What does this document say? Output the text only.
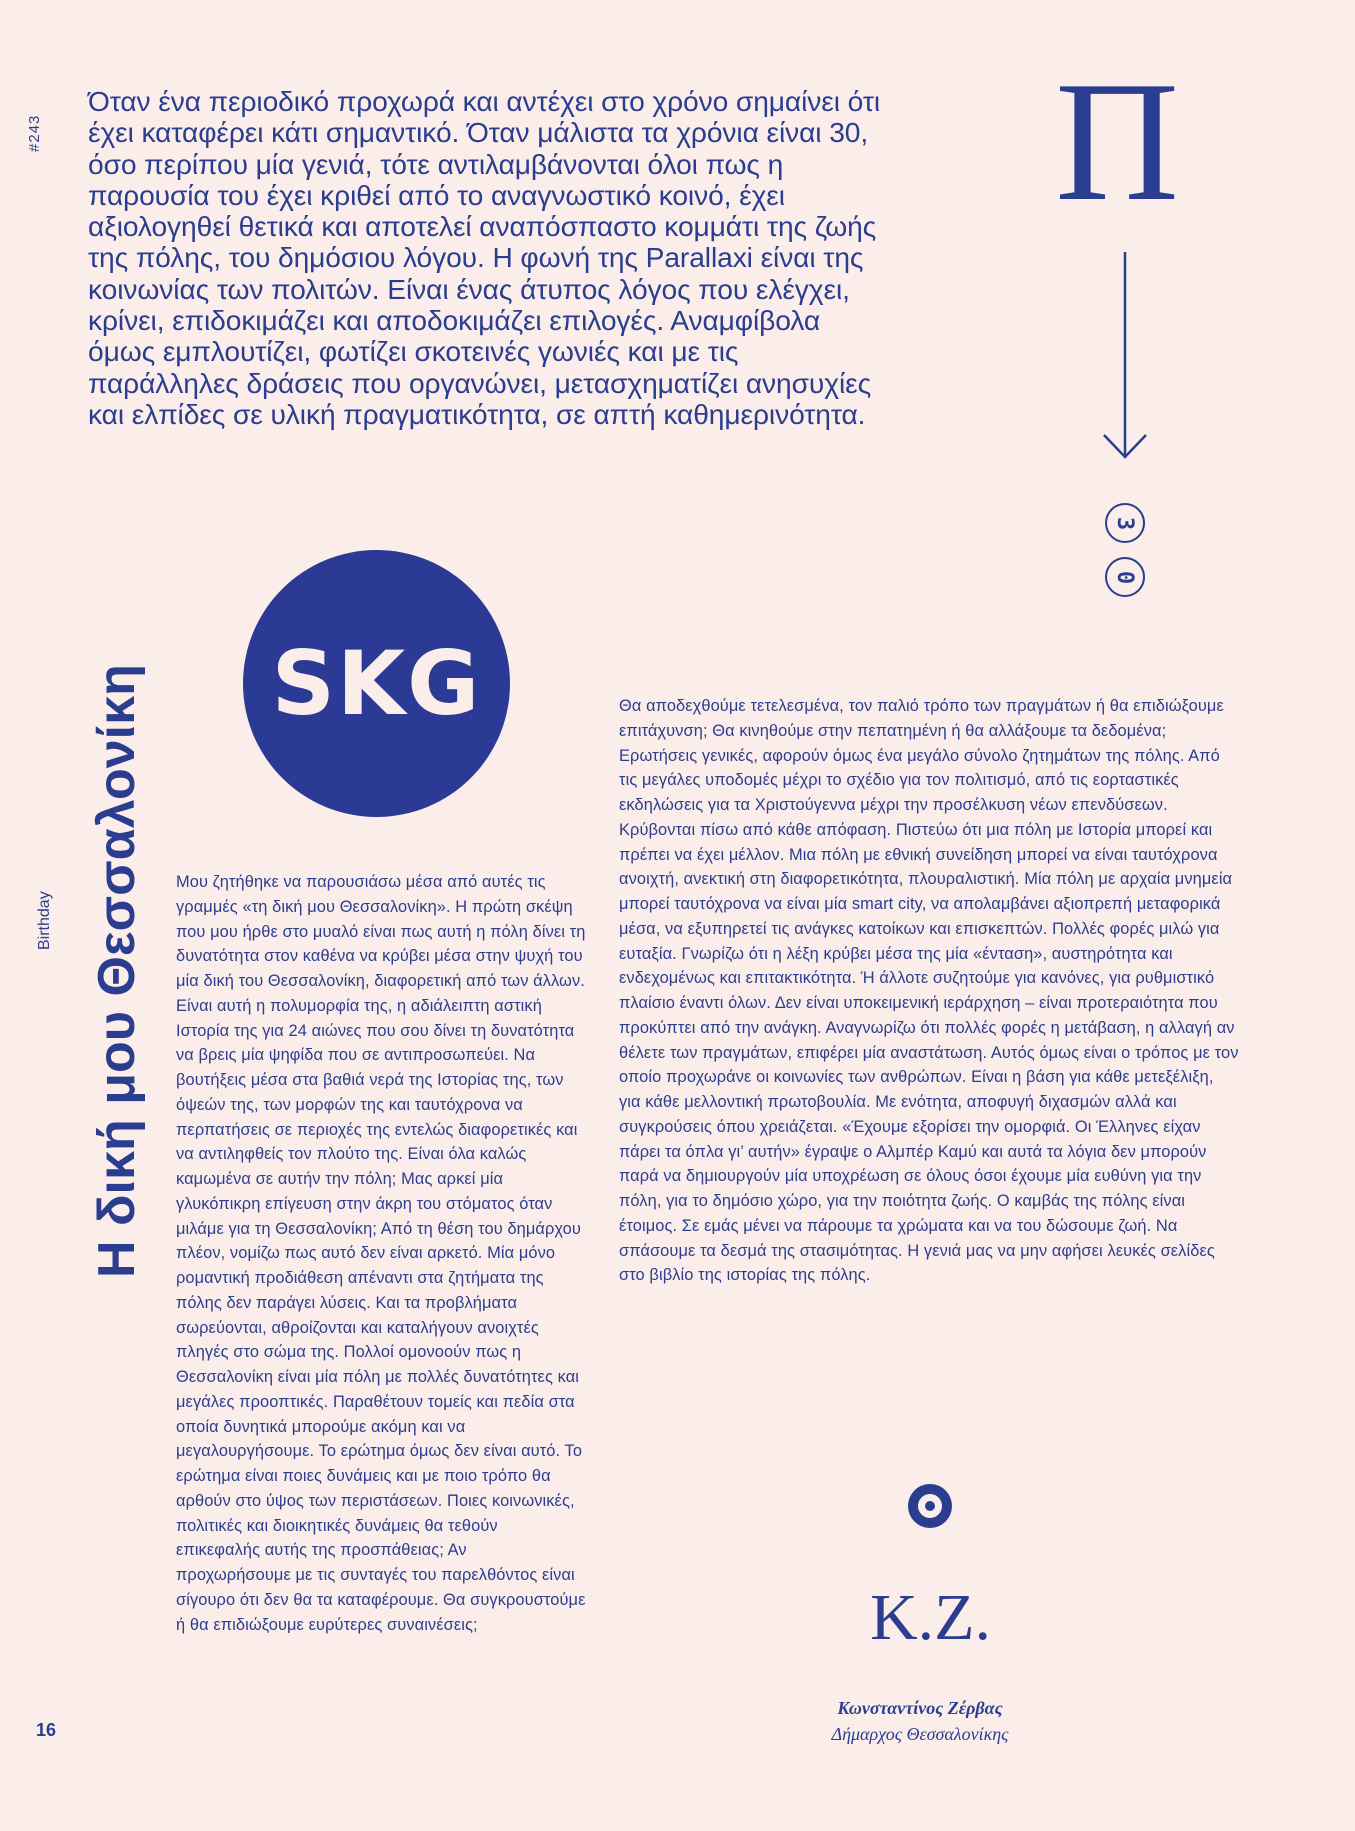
#243

Όταν ένα περιοδικό προχωρά και αντέχει στο χρόνο σημαίνει ότι έχει καταφέρει κάτι σημαντικό. Όταν μάλιστα τα χρόνια είναι 30, όσο περίπου μία γενιά, τότε αντιλαμβάνονται όλοι πως η παρουσία του έχει κριθεί από το αναγνωστικό κοινό, έχει αξιολογηθεί θετικά και αποτελεί αναπόσπαστο κομμάτι της ζωής της πόλης, του δημόσιου λόγου. Η φωνή της Parallaxi είναι της κοινωνίας των πολιτών. Είναι ένας άτυπος λόγος που ελέγχει, κρίνει, επιδοκιμάζει και αποδοκιμάζει επιλογές. Αναμφίβολα όμως εμπλουτίζει, φωτίζει σκοτεινές γωνιές και με τις παράλληλες δράσεις που οργανώνει, μετασχηματίζει ανησυχίες και ελπίδες σε υλική πραγματικότητα, σε απτή καθημερινότητα.

Π
3
0
Birthday Η δική μου Θεσσαλονίκη SKG

Μου ζητήθηκε να παρουσιάσω μέσα από αυτές τις γραμμές «τη δική μου Θεσσαλονίκη». Η πρώτη σκέψη που μου ήρθε στο μυαλό είναι πως αυτή η πόλη δίνει τη δυνατότητα στον καθένα να κρύβει μέσα στην ψυχή του μία δική του Θεσσαλονίκη, διαφορετική από των άλλων. Είναι αυτή η πολυμορφία της, η αδιάλειπτη αστική Ιστορία της για 24 αιώνες που σου δίνει τη δυνατότητα να βρεις μία ψηφίδα που σε αντιπροσωπεύει. Να βουτήξεις μέσα στα βαθιά νερά της Ιστορίας της, των όψεών της, των μορφών της και ταυτόχρονα να περπατήσεις σε περιοχές της εντελώς διαφορετικές και να αντιληφθείς τον πλούτο της. Είναι όλα καλώς καμωμένα σε αυτήν την πόλη; Μας αρκεί μία γλυκόπικρη επίγευση στην άκρη του στόματος όταν μιλάμε για τη Θεσσαλονίκη; Από τη θέση του δημάρχου πλέον, νομίζω πως αυτό δεν είναι αρκετό. Μία μόνο ρομαντική προδιάθεση απέναντι στα ζητήματα της πόλης δεν παράγει λύσεις. Και τα προβλήματα σωρεύονται, αθροίζονται και καταλήγουν ανοιχτές πληγές στο σώμα της. Πολλοί ομονοούν πως η Θεσσαλονίκη είναι μία πόλη με πολλές δυνατότητες και μεγάλες προοπτικές. Παραθέτουν τομείς και πεδία στα οποία δυνητικά μπορούμε ακόμη και να μεγαλουργήσουμε. Το ερώτημα όμως δεν είναι αυτό. Το ερώτημα είναι ποιες δυνάμεις και με ποιο τρόπο θα αρθούν στο ύψος των περιστάσεων. Ποιες κοινωνικές, πολιτικές και διοικητικές δυνάμεις θα τεθούν επικεφαλής αυτής της προσπάθειας; Αν προχωρήσουμε με τις συνταγές του παρελθόντος είναι σίγουρο ότι δεν θα τα καταφέρουμε. Θα συγκρουστούμε ή θα επιδιώξουμε ευρύτερες συναινέσεις;

Θα αποδεχθούμε τετελεσμένα, τον παλιό τρόπο των πραγμάτων ή θα επιδιώξουμε επιτάχυνση; Θα κινηθούμε στην πεπατημένη ή θα αλλάξουμε τα δεδομένα; Ερωτήσεις γενικές, αφορούν όμως ένα μεγάλο σύνολο ζητημάτων της πόλης. Από τις μεγάλες υποδομές μέχρι το σχέδιο για τον πολιτισμό, από τις εορταστικές εκδηλώσεις για τα Χριστούγεννα μέχρι την προσέλκυση νέων επενδύσεων. Κρύβονται πίσω από κάθε απόφαση. Πιστεύω ότι μια πόλη με Ιστορία μπορεί και πρέπει να έχει μέλλον. Μια πόλη με εθνική συνείδηση μπορεί να είναι ταυτόχρονα ανοιχτή, ανεκτική στη διαφορετικότητα, πλουραλιστική. Μία πόλη με αρχαία μνημεία μπορεί ταυτόχρονα να είναι μία smart city, να απολαμβάνει αξιοπρεπή μεταφορικά μέσα, να εξυπηρετεί τις ανάγκες κατοίκων και επισκεπτών. Πολλές φορές μιλώ για ευταξία. Γνωρίζω ότι η λέξη κρύβει μέσα της μία «ένταση», αυστηρότητα και ενδεχομένως και επιτακτικότητα. Ή άλλοτε συζητούμε για κανόνες, για ρυθμιστικό πλαίσιο έναντι όλων. Δεν είναι υποκειμενική ιεράρχηση – είναι προτεραιότητα που προκύπτει από την ανάγκη. Αναγνωρίζω ότι πολλές φορές η μετάβαση, η αλλαγή αν θέλετε των πραγμάτων, επιφέρει μία αναστάτωση. Αυτός όμως είναι ο τρόπος με τον οποίο προχωράνε οι κοινωνίες των ανθρώπων. Είναι η βάση για κάθε μετεξέλιξη, για κάθε μελλοντική πρωτοβουλία. Με ενότητα, αποφυγή διχασμών αλλά και συγκρούσεις όπου χρειάζεται. «Έχουμε εξορίσει την ομορφιά. Οι Έλληνες είχαν πάρει τα όπλα γι’ αυτήν» έγραψε ο Αλμπέρ Καμύ και αυτά τα λόγια δεν μπορούν παρά να δημιουργούν μία υποχρέωση σε όλους όσοι έχουμε μία ευθύνη για την πόλη, για το δημόσιο χώρο, για την ποιότητα ζωής. Ο καμβάς της πόλης είναι έτοιμος. Σε εμάς μένει να πάρουμε τα χρώματα και να του δώσουμε ζωή. Να σπάσουμε τα δεσμά της στασιμότητας. Η γενιά μας να μην αφήσει λευκές σελίδες στο βιβλίο της ιστορίας της πόλης.

K.Z.
Κωνσταντίνος Ζέρβας
Δήμαρχος Θεσσαλονίκης
16
